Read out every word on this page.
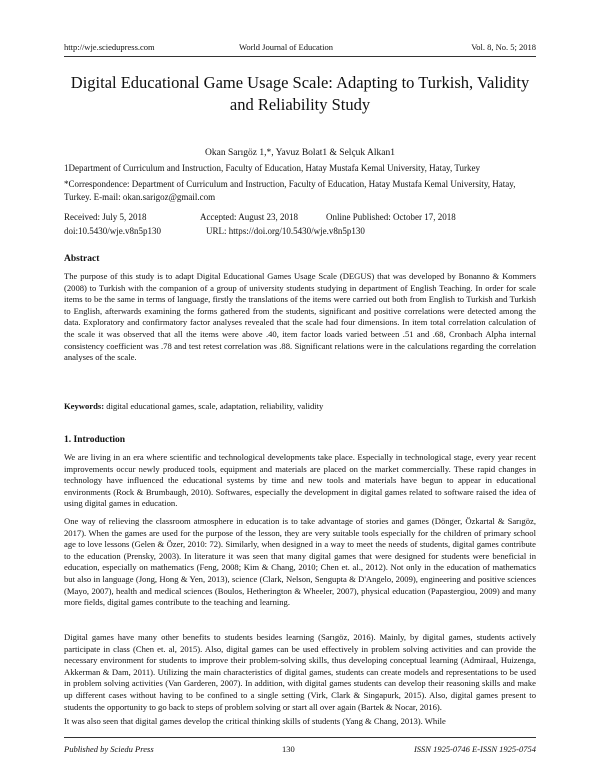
http://wje.sciedupress.com	World Journal of Education	Vol. 8, No. 5; 2018
Digital Educational Game Usage Scale: Adapting to Turkish, Validity and Reliability Study
Okan Sarıgöz 1,*, Yavuz Bolat1 & Selçuk Alkan1
1Department of Curriculum and Instruction, Faculty of Education, Hatay Mustafa Kemal University, Hatay, Turkey
*Correspondence: Department of Curriculum and Instruction, Faculty of Education, Hatay Mustafa Kemal University, Hatay, Turkey. E-mail: okan.sarigoz@gmail.com
Received: July 5, 2018	Accepted: August 23, 2018	Online Published: October 17, 2018
doi:10.5430/wje.v8n5p130	URL: https://doi.org/10.5430/wje.v8n5p130
Abstract
The purpose of this study is to adapt Digital Educational Games Usage Scale (DEGUS) that was developed by Bonanno & Kommers (2008) to Turkish with the companion of a group of university students studying in department of English Teaching. In order for scale items to be the same in terms of language, firstly the translations of the items were carried out both from English to Turkish and Turkish to English, afterwards examining the forms gathered from the students, significant and positive correlations were detected among the data. Exploratory and confirmatory factor analyses revealed that the scale had four dimensions. In item total correlation calculation of the scale it was observed that all the items were above .40, item factor loads varied between .51 and .68, Cronbach Alpha internal consistency coefficient was .78 and test retest correlation was .88. Significant relations were in the calculations regarding the correlation analyses of the scale.
Keywords: digital educational games, scale, adaptation, reliability, validity
1. Introduction
We are living in an era where scientific and technological developments take place. Especially in technological stage, every year recent improvements occur newly produced tools, equipment and materials are placed on the market commercially. These rapid changes in technology have influenced the educational systems by time and new tools and materials have begun to appear in educational environments (Rock & Brumbaugh, 2010). Softwares, especially the development in digital games related to software raised the idea of using digital games in education.
One way of relieving the classroom atmosphere in education is to take advantage of stories and games (Dönger, Özkartal & Sarıgöz, 2017). When the games are used for the purpose of the lesson, they are very suitable tools especially for the children of primary school age to love lessons (Gelen & Özer, 2010: 72). Similarly, when designed in a way to meet the needs of students, digital games contribute to the education (Prensky, 2003). In literature it was seen that many digital games that were designed for students were beneficial in education, especially on mathematics (Feng, 2008; Kim & Chang, 2010; Chen et. al., 2012). Not only in the education of mathematics but also in language (Jong, Hong & Yen, 2013), science (Clark, Nelson, Sengupta & D'Angelo, 2009), engineering and positive sciences (Mayo, 2007), health and medical sciences (Boulos, Hetherington & Wheeler, 2007), physical education (Papastergiou, 2009) and many more fields, digital games contribute to the teaching and learning.
Digital games have many other benefits to students besides learning (Sarıgöz, 2016). Mainly, by digital games, students actively participate in class (Chen et. al, 2015). Also, digital games can be used effectively in problem solving activities and can provide the necessary environment for students to improve their problem-solving skills, thus developing conceptual learning (Admiraal, Huizenga, Akkerman & Dam, 2011). Utilizing the main characteristics of digital games, students can create models and representations to be used in problem solving activities (Van Garderen, 2007). In addition, with digital games students can develop their reasoning skills and make up different cases without having to be confined to a single setting (Virk, Clark & Singapurk, 2015). Also, digital games present to students the opportunity to go back to steps of problem solving or start all over again (Bartek & Nocar, 2016).
It was also seen that digital games develop the critical thinking skills of students (Yang & Chang, 2013). While
Published by Sciedu Press	130	ISSN 1925-0746 E-ISSN 1925-0754
